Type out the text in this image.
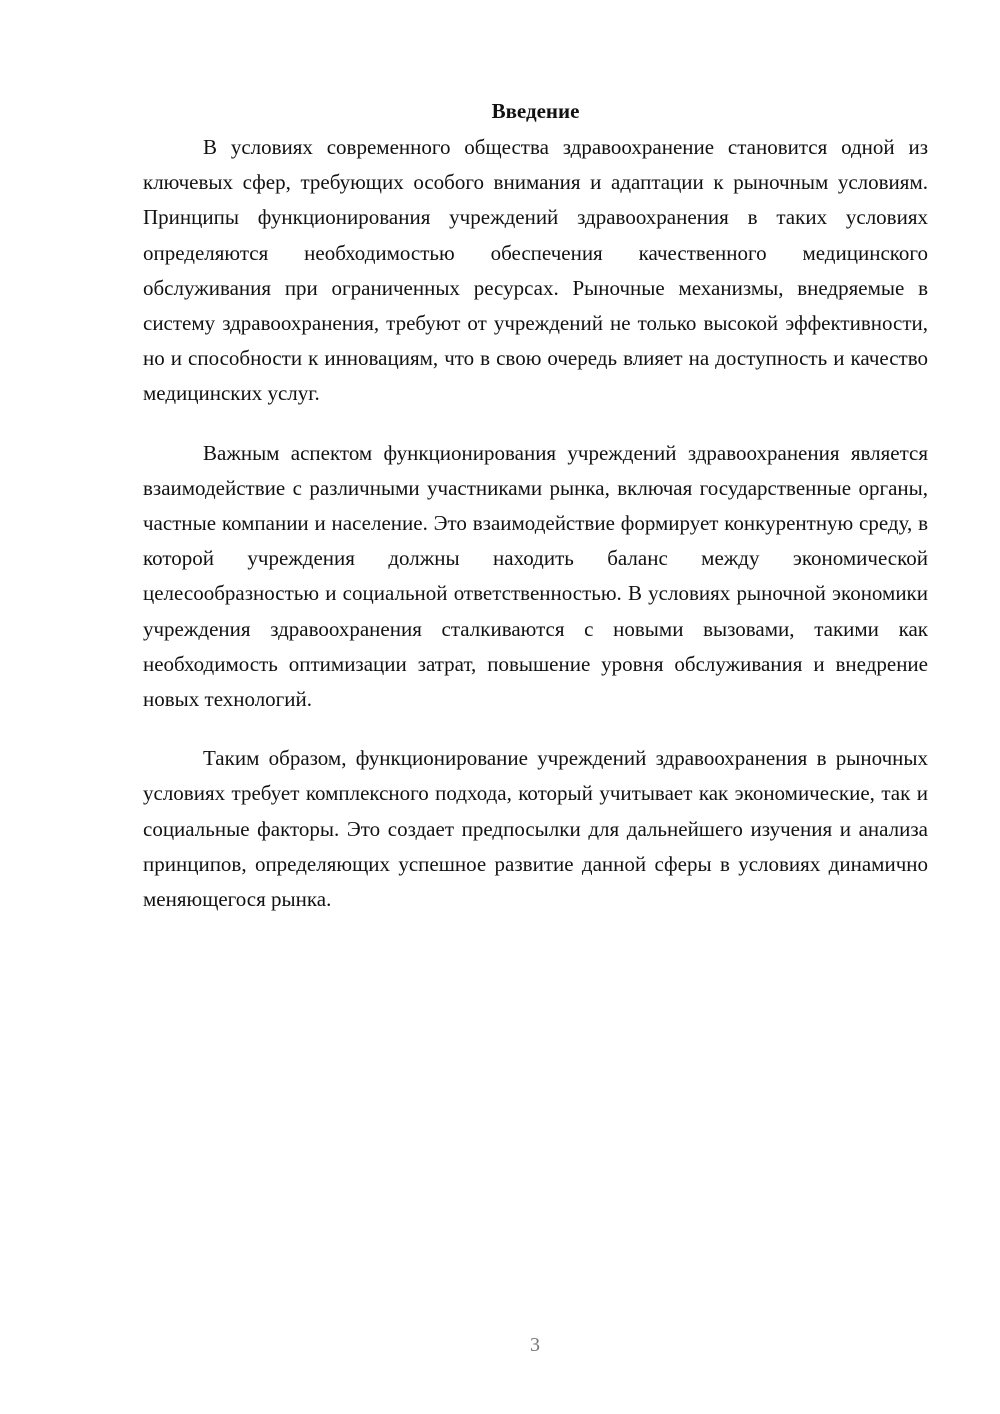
Введение

В условиях современного общества здравоохранение становится одной из ключевых сфер, требующих особого внимания и адаптации к рыночным условиям. Принципы функционирования учреждений здравоохранения в таких условиях определяются необходимостью обеспечения качественного медицинского обслуживания при ограниченных ресурсах. Рыночные механизмы, внедряемые в систему здравоохранения, требуют от учреждений не только высокой эффективности, но и способности к инновациям, что в свою очередь влияет на доступность и качество медицинских услуг.

Важным аспектом функционирования учреждений здравоохранения является взаимодействие с различными участниками рынка, включая государственные органы, частные компании и население. Это взаимодействие формирует конкурентную среду, в которой учреждения должны находить баланс между экономической целесообразностью и социальной ответственностью. В условиях рыночной экономики учреждения здравоохранения сталкиваются с новыми вызовами, такими как необходимость оптимизации затрат, повышение уровня обслуживания и внедрение новых технологий.

Таким образом, функционирование учреждений здравоохранения в рыночных условиях требует комплексного подхода, который учитывает как экономические, так и социальные факторы. Это создает предпосылки для дальнейшего изучения и анализа принципов, определяющих успешное развитие данной сферы в условиях динамично меняющегося рынка.

3
